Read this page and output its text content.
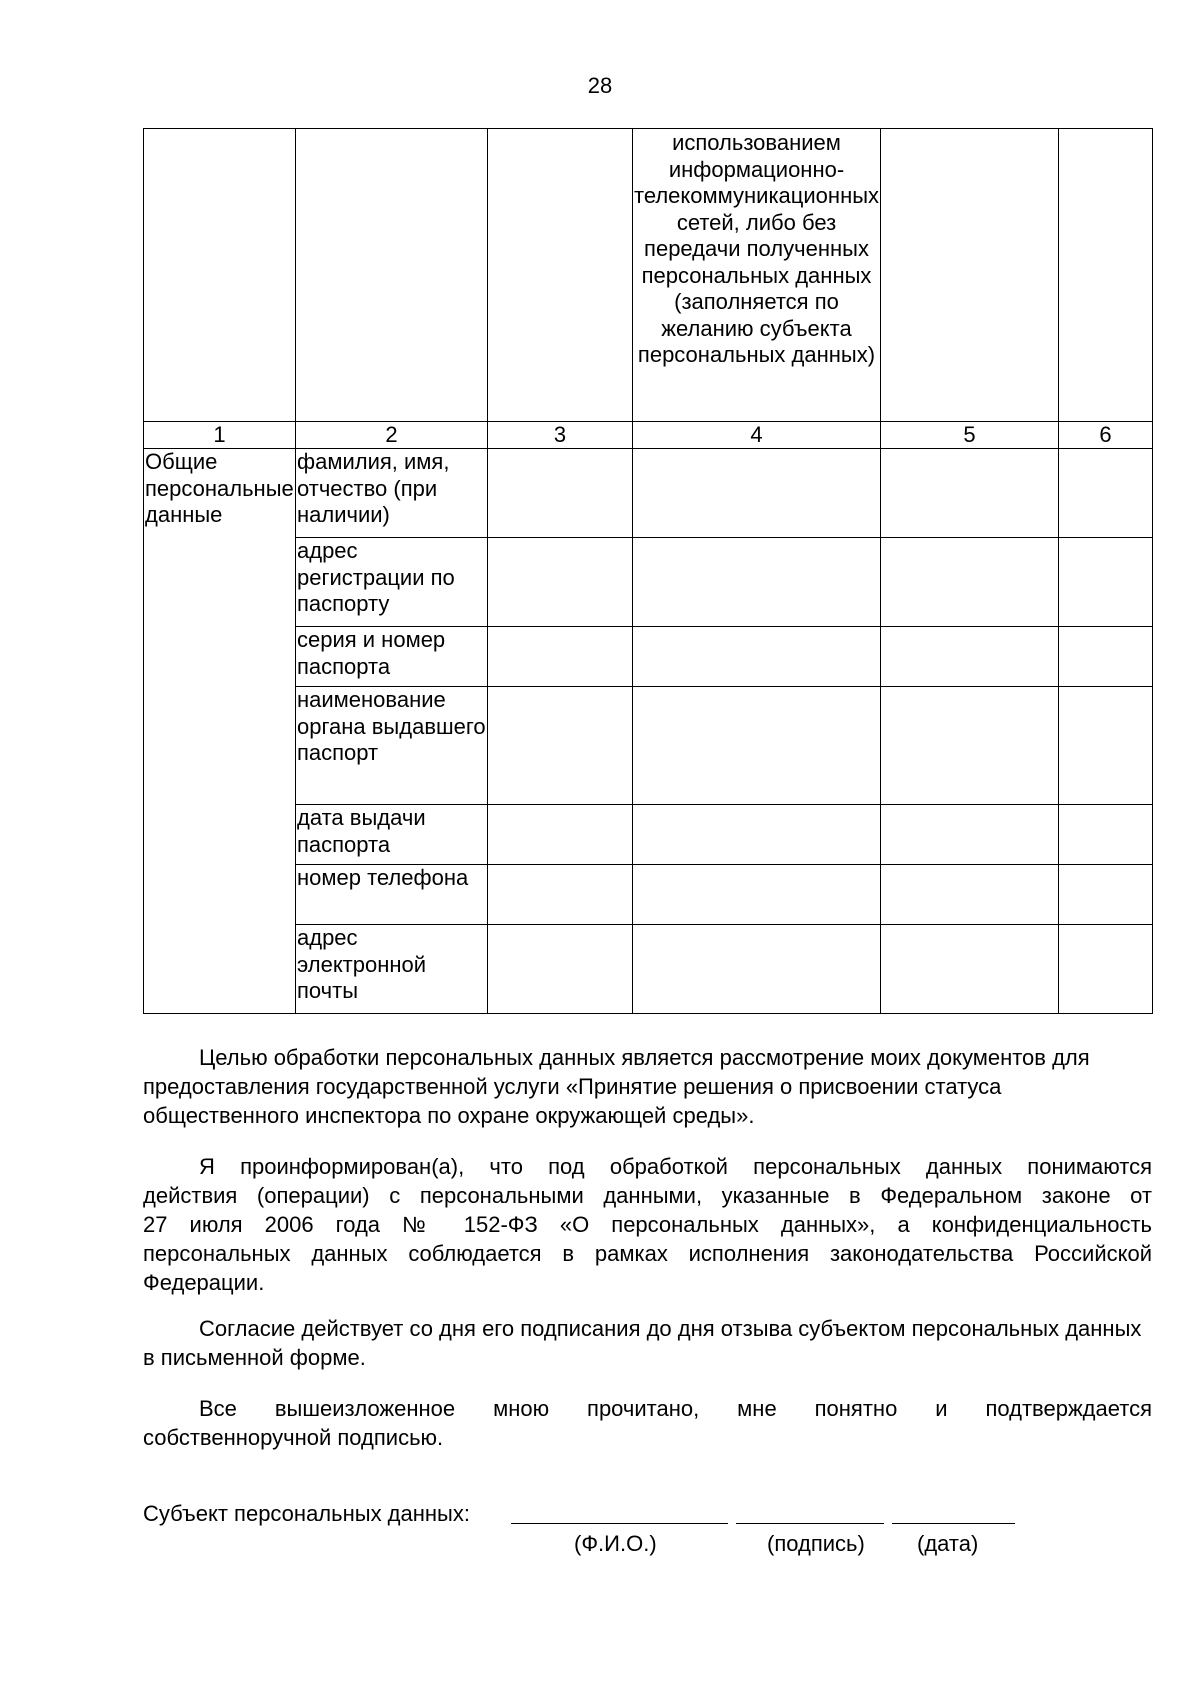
28

			использованием информационно-телекоммуникационных сетей, либо без передачи полученных персональных данных (заполняется по желанию субъекта персональных данных)		

1	2	3	4	5	6
Общие персональные данные	фамилия, имя, отчество (при наличии)				
	адрес регистрации по паспорту				
	серия и номер паспорта				
	наименование органа выдавшего паспорт				
	дата выдачи паспорта				
	номер телефона				
	адрес электронной почты				

Целью обработки персональных данных является рассмотрение моих документов для предоставления государственной услуги «Принятие решения о присвоении статуса общественного инспектора по охране окружающей среды».

Я проинформирован(а), что под обработкой персональных данных понимаются
действия (операции) с персональными данными, указанные в Федеральном законе от
27 июля 2006 года № 152-ФЗ «О персональных данных», а конфиденциальность
персональных данных соблюдается в рамках исполнения законодательства Российской
Федерации.

Согласие действует со дня его подписания до дня отзыва субъектом персональных данных в письменной форме.

Все вышеизложенное мною прочитано, мне понятно и подтверждается
собственноручной подписью.
Субъект персональных данных:
(Ф.И.О.)	(подпись) (дата)
